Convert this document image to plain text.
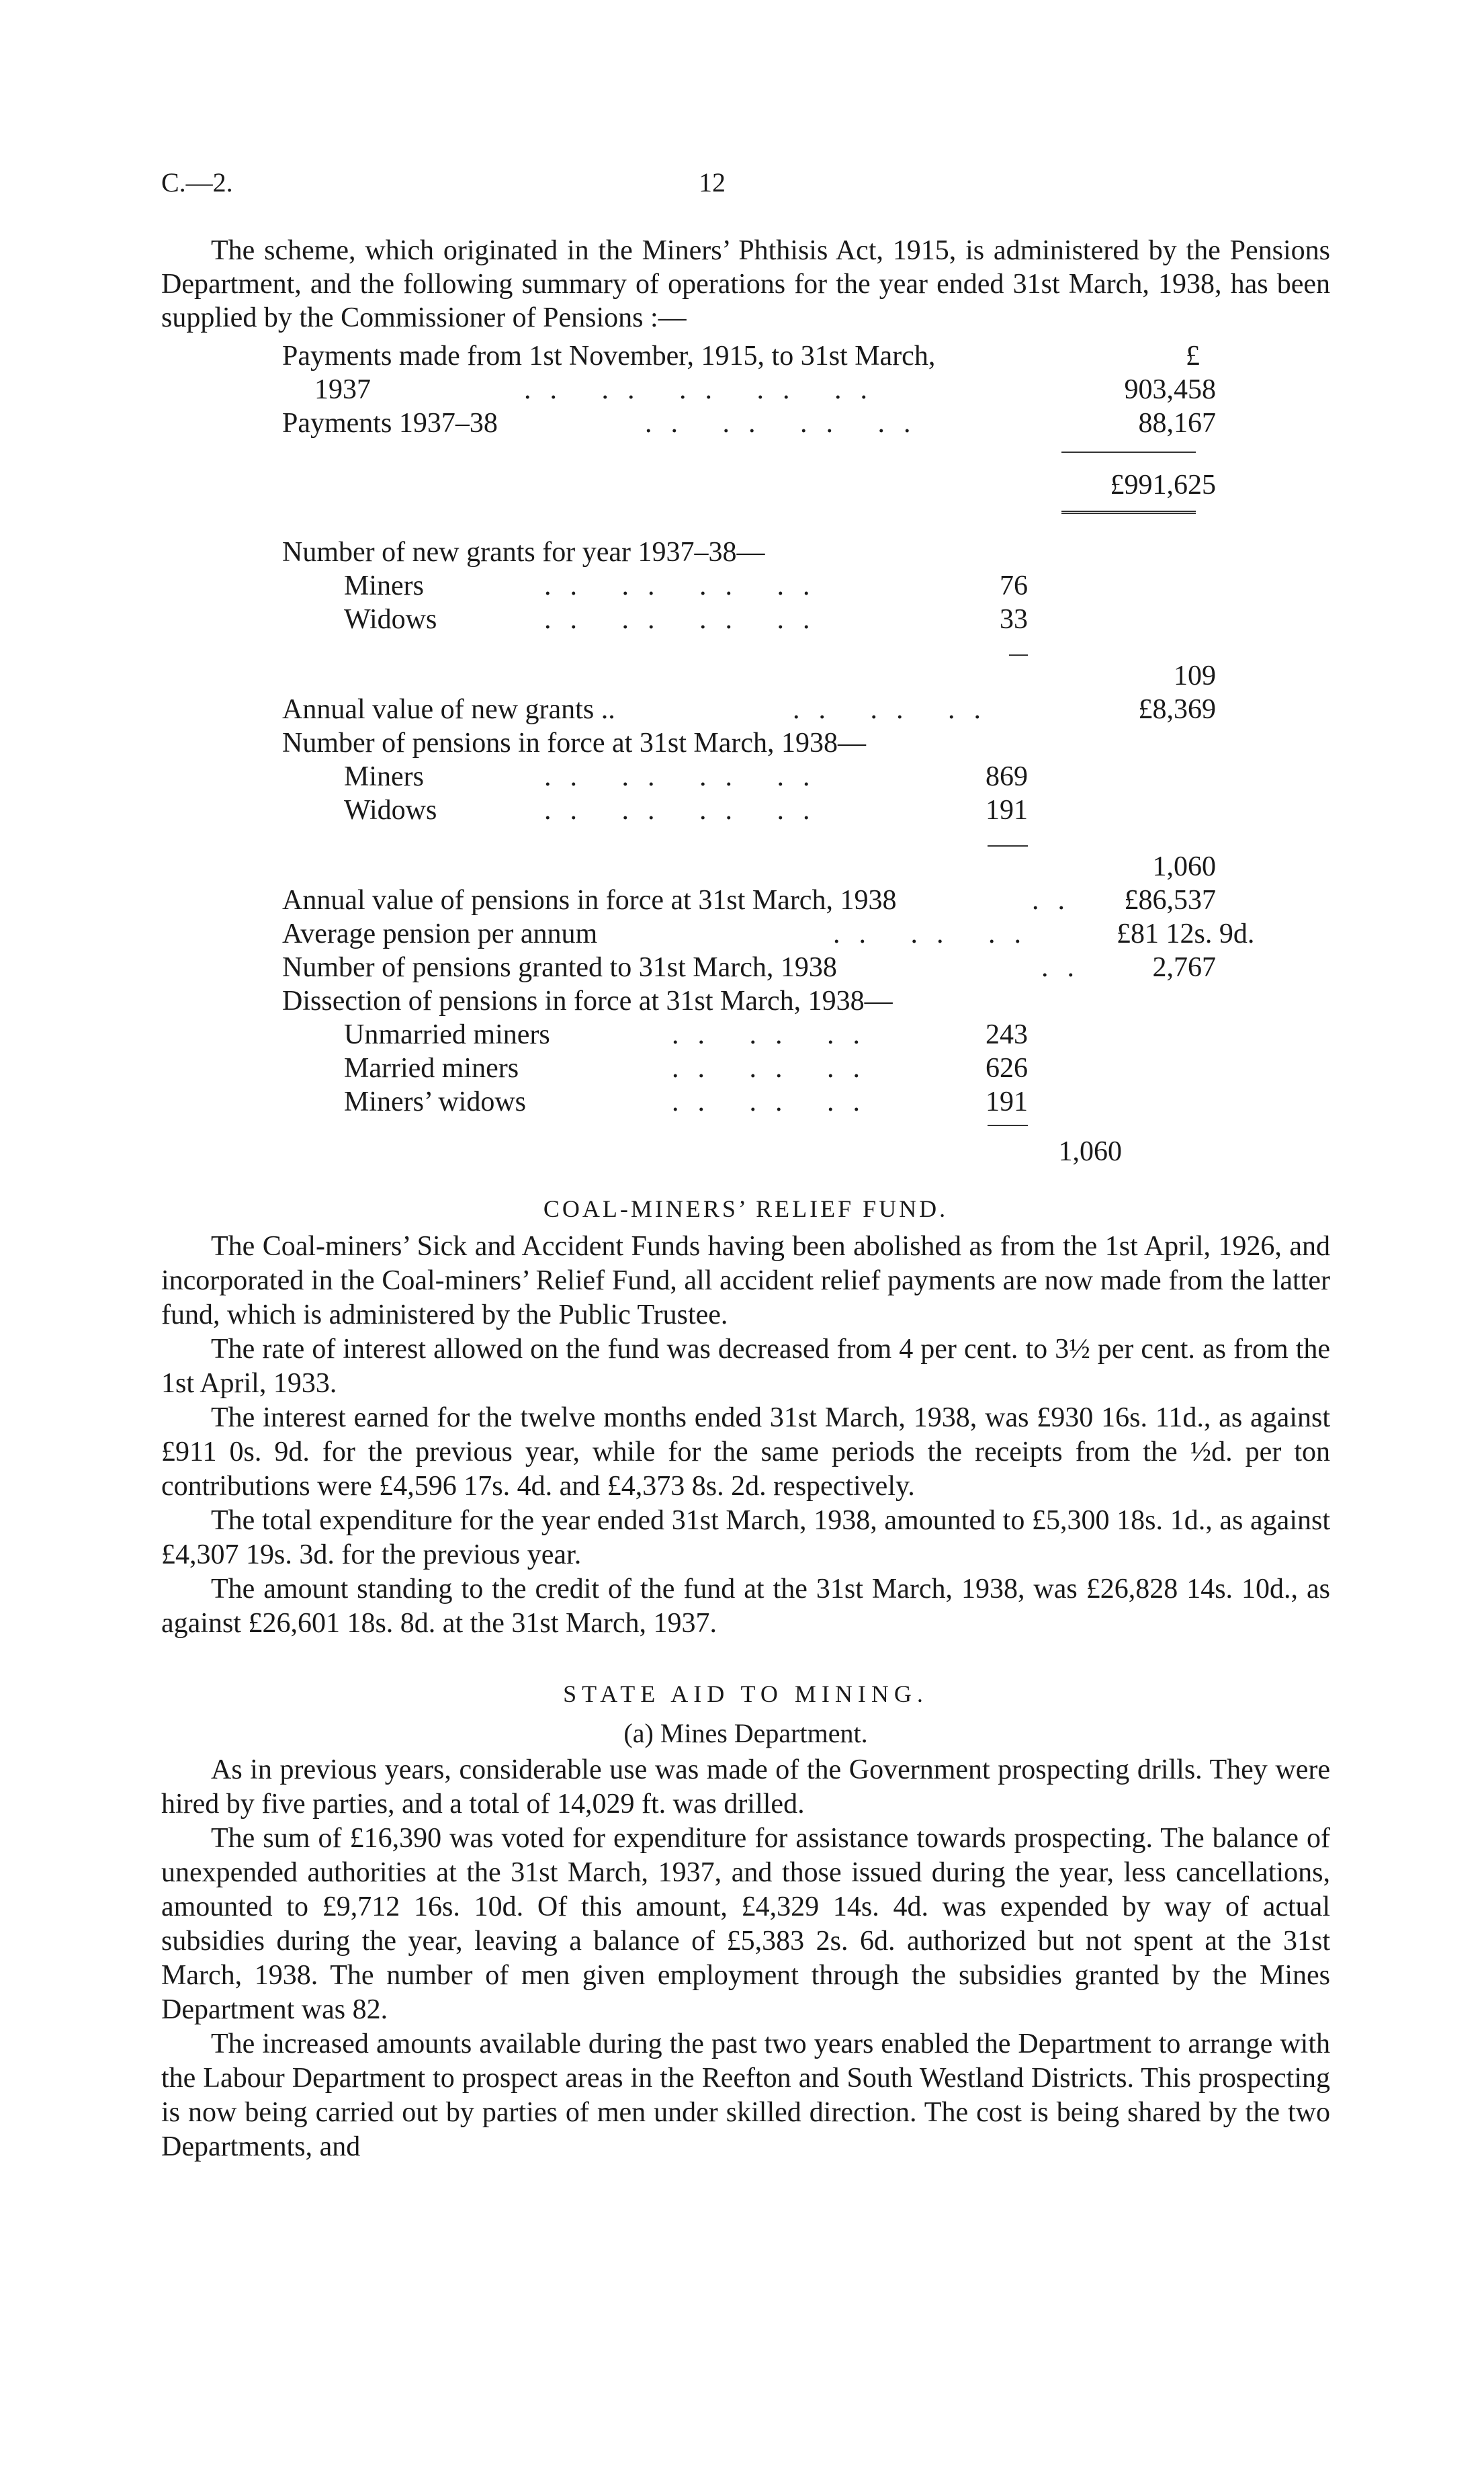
C.—2.	12

The scheme, which originated in the Miners’ Phthisis Act, 1915, is administered by the Pensions Department, and the following summary of operations for the year ended 31st March, 1938, has been supplied by the Commissioner of Pensions :—

Payments made from 1st November, 1915, to 31st March,	£
1937	.. .. .. .. ..	903,458
Payments 1937–38	.. .. .. ..	88,167
£991,625
Number of new grants for year 1937–38—
Miners	.. .. .. ..	76
Widows	.. .. .. ..	33
109
Annual value of new grants ..	.. .. ..	£8,369
Number of pensions in force at 31st March, 1938—
Miners	.. .. .. ..	869
Widows	.. .. .. ..	191
1,060
Annual value of pensions in force at 31st March, 1938	.. £86,537
Average pension per annum	.. .. ..	£81 12s. 9d.
Number of pensions granted to 31st March, 1938	.. 2,767
Dissection of pensions in force at 31st March, 1938—
Unmarried miners	.. .. ..	243
Married miners	.. .. ..	626
Miners’ widows	.. .. ..	191
1,060
COAL-MINERS’ RELIEF FUND.

The Coal-miners’ Sick and Accident Funds having been abolished as from the 1st April, 1926, and incorporated in the Coal-miners’ Relief Fund, all accident relief payments are now made from the latter fund, which is administered by the Public Trustee.

The rate of interest allowed on the fund was decreased from 4 per cent. to 3½ per cent. as from the 1st April, 1933.

The interest earned for the twelve months ended 31st March, 1938, was £930 16s. 11d., as against £911 0s. 9d. for the previous year, while for the same periods the receipts from the ½d. per ton contributions were £4,596 17s. 4d. and £4,373 8s. 2d. respectively.

The total expenditure for the year ended 31st March, 1938, amounted to £5,300 18s. 1d., as against £4,307 19s. 3d. for the previous year.

The amount standing to the credit of the fund at the 31st March, 1938, was £26,828 14s. 10d., as against £26,601 18s. 8d. at the 31st March, 1937.

STATE AID TO MINING.
(a) Mines Department.

As in previous years, considerable use was made of the Government prospecting drills. They were hired by five parties, and a total of 14,029 ft. was drilled.

The sum of £16,390 was voted for expenditure for assistance towards prospecting. The balance of unexpended authorities at the 31st March, 1937, and those issued during the year, less cancellations, amounted to £9,712 16s. 10d. Of this amount, £4,329 14s. 4d. was expended by way of actual subsidies during the year, leaving a balance of £5,383 2s. 6d. authorized but not spent at the 31st March, 1938. The number of men given employment through the subsidies granted by the Mines Department was 82.

The increased amounts available during the past two years enabled the Department to arrange with the Labour Department to prospect areas in the Reefton and South Westland Districts. This prospecting is now being carried out by parties of men under skilled direction. The cost is being shared by the two Departments, and
